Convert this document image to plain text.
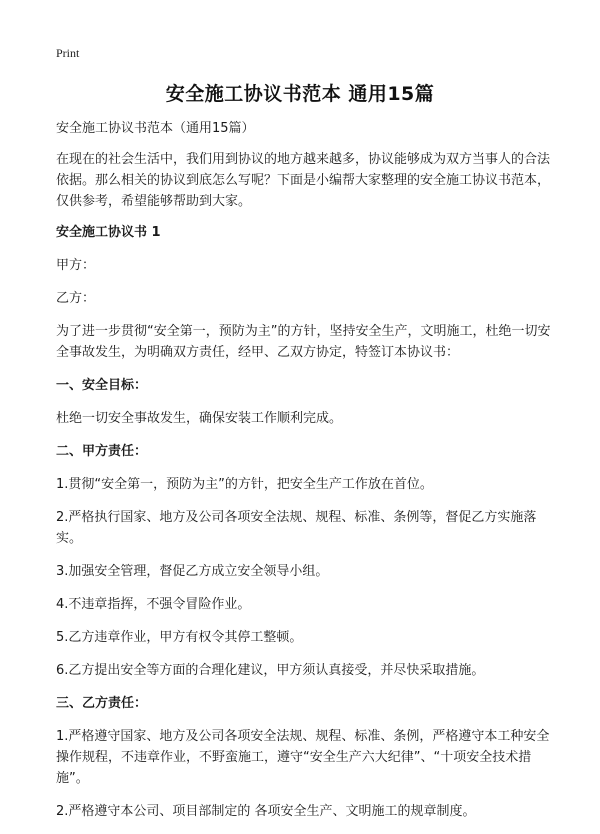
Print
安全施工协议书范本 通用15篇

安全施工协议书范本（通用15篇）

在现在的社会生活中，我们用到协议的地方越来越多，协议能够成为双方当事人的合法依据。那么相关的协议到底怎么写呢？下面是小编帮大家整理的安全施工协议书范本，仅供参考，希望能够帮助到大家。

安全施工协议书 1

甲方：

乙方：

为了进一步贯彻“安全第一，预防为主”的方针，坚持安全生产，文明施工，杜绝一切安全事故发生，为明确双方责任，经甲、乙双方协定，特签订本协议书：

一、安全目标：

杜绝一切安全事故发生，确保安装工作顺利完成。

二、甲方责任：

1.贯彻“安全第一，预防为主”的方针，把安全生产工作放在首位。

2.严格执行国家、地方及公司各项安全法规、规程、标准、条例等，督促乙方实施落实。

3.加强安全管理，督促乙方成立安全领导小组。

4.不违章指挥，不强令冒险作业。

5.乙方违章作业，甲方有权令其停工整顿。

6.乙方提出安全等方面的合理化建议，甲方须认真接受，并尽快采取措施。

三、乙方责任：

1.严格遵守国家、地方及公司各项安全法规、规程、标准、条例，严格遵守本工种安全操作规程，不违章作业，不野蛮施工，遵守“安全生产六大纪律”、“十项安全技术措施”。

2.严格遵守本公司、项目部制定的 各项安全生产、文明施工的规章制度。
